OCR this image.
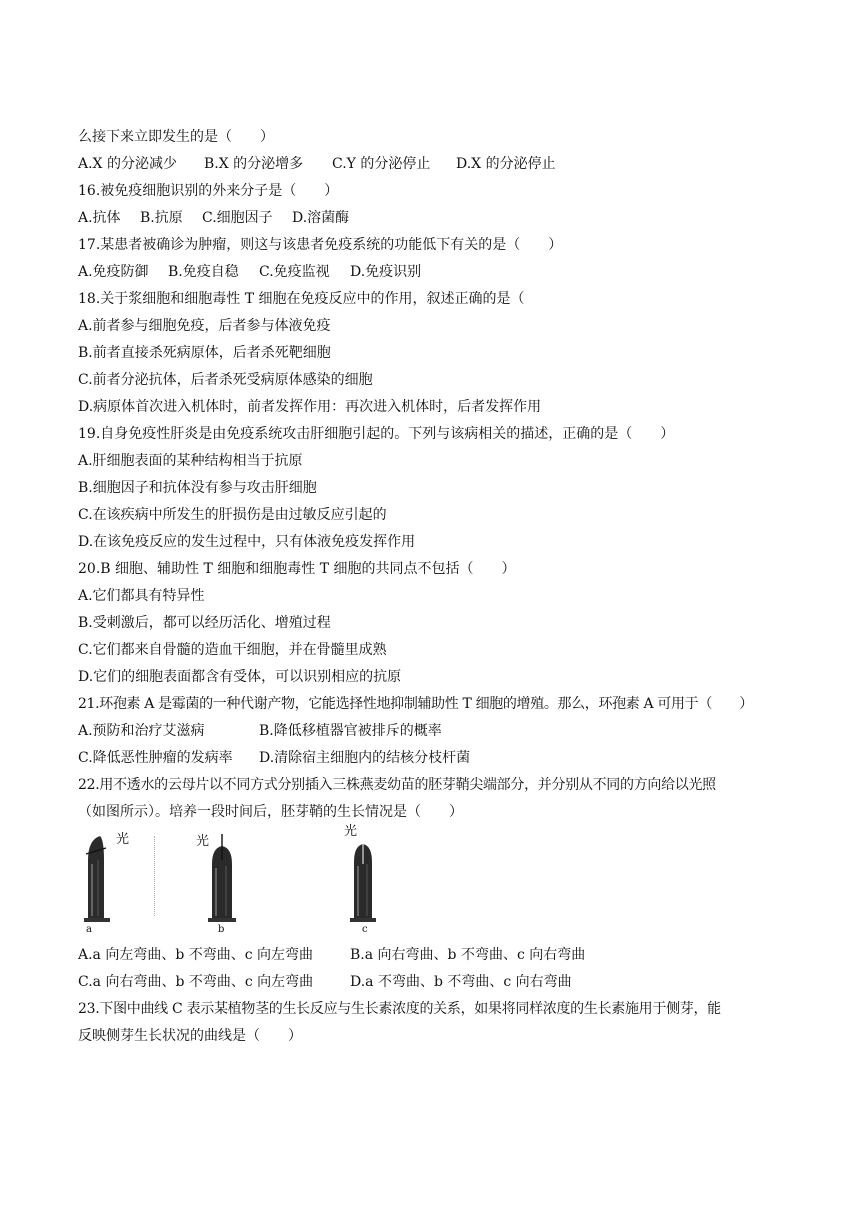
么接下来立即发生的是（　　）
A.X 的分泌减少	B.X 的分泌增多	C.Y 的分泌停止	D.X 的分泌停止
16.被免疫细胞识别的外来分子是（　　）
A.抗体	B.抗原	C.细胞因子	D.溶菌酶
17.某患者被确诊为肿瘤，则这与该患者免疫系统的功能低下有关的是（　　）
A.免疫防御	B.免疫自稳	C.免疫监视	D.免疫识别
18.关于浆细胞和细胞毒性 T 细胞在免疫反应中的作用，叙述正确的是（
A.前者参与细胞免疫，后者参与体液免疫
B.前者直接杀死病原体，后者杀死靶细胞
C.前者分泌抗体，后者杀死受病原体感染的细胞
D.病原体首次进入机体时，前者发挥作用：再次进入机体时，后者发挥作用
19.自身免疫性肝炎是由免疫系统攻击肝细胞引起的。下列与该病相关的描述，正确的是（　　）
A.肝细胞表面的某种结构相当于抗原
B.细胞因子和抗体没有参与攻击肝细胞
C.在该疾病中所发生的肝损伤是由过敏反应引起的
D.在该免疫反应的发生过程中，只有体液免疫发挥作用
20.B 细胞、辅助性 T 细胞和细胞毒性 T 细胞的共同点不包括（　　）
A.它们都具有特异性
B.受刺激后，都可以经历活化、增殖过程
C.它们都来自骨髓的造血干细胞，并在骨髓里成熟
D.它们的细胞表面都含有受体，可以识别相应的抗原
21.环孢素 A 是霉菌的一种代谢产物，它能选择性地抑制辅助性 T 细胞的增殖。那么，环孢素 A 可用于（　　）
A.预防和治疗艾滋病	B.降低移植器官被排斥的概率
C.降低恶性肿瘤的发病率	D.清除宿主细胞内的结核分枝杆菌
22.用不透水的云母片以不同方式分别插入三株燕麦幼苗的胚芽鞘尖端部分，并分别从不同的方向给以光照
（如图所示）。培养一段时间后，胚芽鞘的生长情况是（　　）
光
a
光
b
光
c
A.a 向左弯曲、b 不弯曲、c 向左弯曲	B.a 向右弯曲、b 不弯曲、c 向右弯曲
C.a 向右弯曲、b 不弯曲、c 向左弯曲	D.a 不弯曲、b 不弯曲、c 向右弯曲
23.下图中曲线 C 表示某植物茎的生长反应与生长素浓度的关系，如果将同样浓度的生长素施用于侧芽，能
反映侧芽生长状况的曲线是（　　）
